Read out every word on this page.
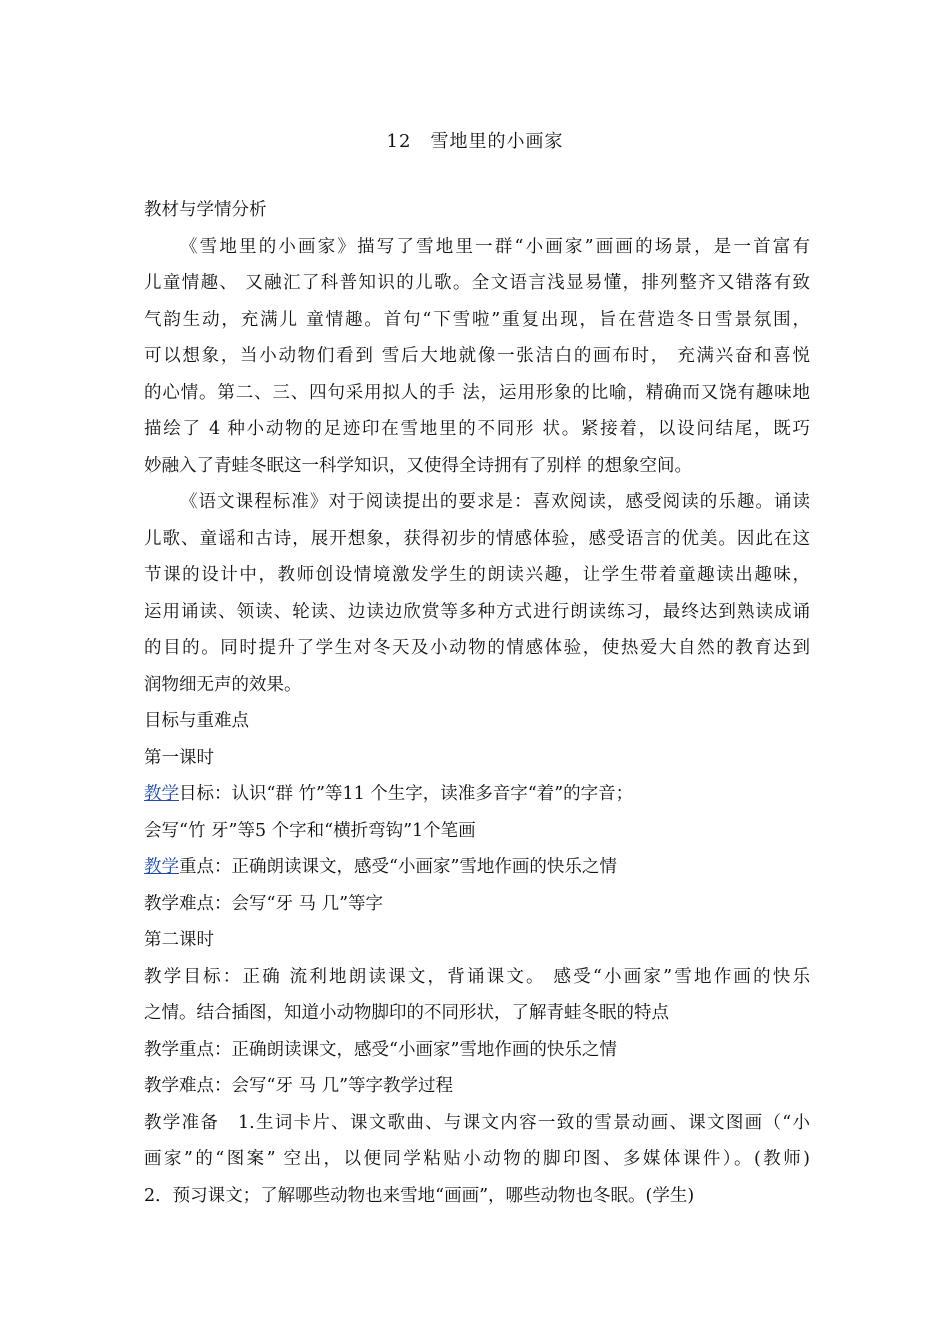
12　雪地里的小画家
教材与学情分析
《雪地里的小画家》描写了雪地里一群“小画家”画画的场景，是一首富有
儿童情趣、 又融汇了科普知识的儿歌。全文语言浅显易懂，排列整齐又错落有致
气韵生动，充满儿 童情趣。首句“下雪啦”重复出现，旨在营造冬日雪景氛围，
可以想象，当小动物们看到 雪后大地就像一张洁白的画布时， 充满兴奋和喜悦
的心情。第二、三、四句采用拟人的手 法，运用形象的比喻，精确而又饶有趣味地
描绘了 4 种小动物的足迹印在雪地里的不同形 状。紧接着，以设问结尾，既巧
妙融入了青蛙冬眠这一科学知识，又使得全诗拥有了别样 的想象空间。
《语文课程标准》对于阅读提出的要求是：喜欢阅读，感受阅读的乐趣。诵读
儿歌、童谣和古诗，展开想象，获得初步的情感体验，感受语言的优美。因此在这
节课的设计中，教师创设情境激发学生的朗读兴趣，让学生带着童趣读出趣味，
运用诵读、领读、轮读、边读边欣赏等多种方式进行朗读练习，最终达到熟读成诵
的目的。同时提升了学生对冬天及小动物的情感体验，使热爱大自然的教育达到
润物细无声的效果。
目标与重难点
第一课时
教学目标：认识“群 竹”等11 个生字，读准多音字“着”的字音；
会写“竹 牙”等5 个字和“横折弯钩”1个笔画
教学重点：正确朗读课文，感受“小画家”雪地作画的快乐之情
教学难点：会写“牙 马 几”等字
第二课时
教学目标：正确 流利地朗读课文，背诵课文。 感受“小画家”雪地作画的快乐
之情。结合插图，知道小动物脚印的不同形状，了解青蛙冬眠的特点
教学重点：正确朗读课文，感受“小画家”雪地作画的快乐之情
教学难点：会写“牙 马 几”等字教学过程
教学准备　1.生词卡片、课文歌曲、与课文内容一致的雪景动画、课文图画（“小
画家”的“图案” 空出，以便同学粘贴小动物的脚印图、多媒体课件）。(教师)
2．预习课文；了解哪些动物也来雪地“画画”，哪些动物也冬眠。(学生)
